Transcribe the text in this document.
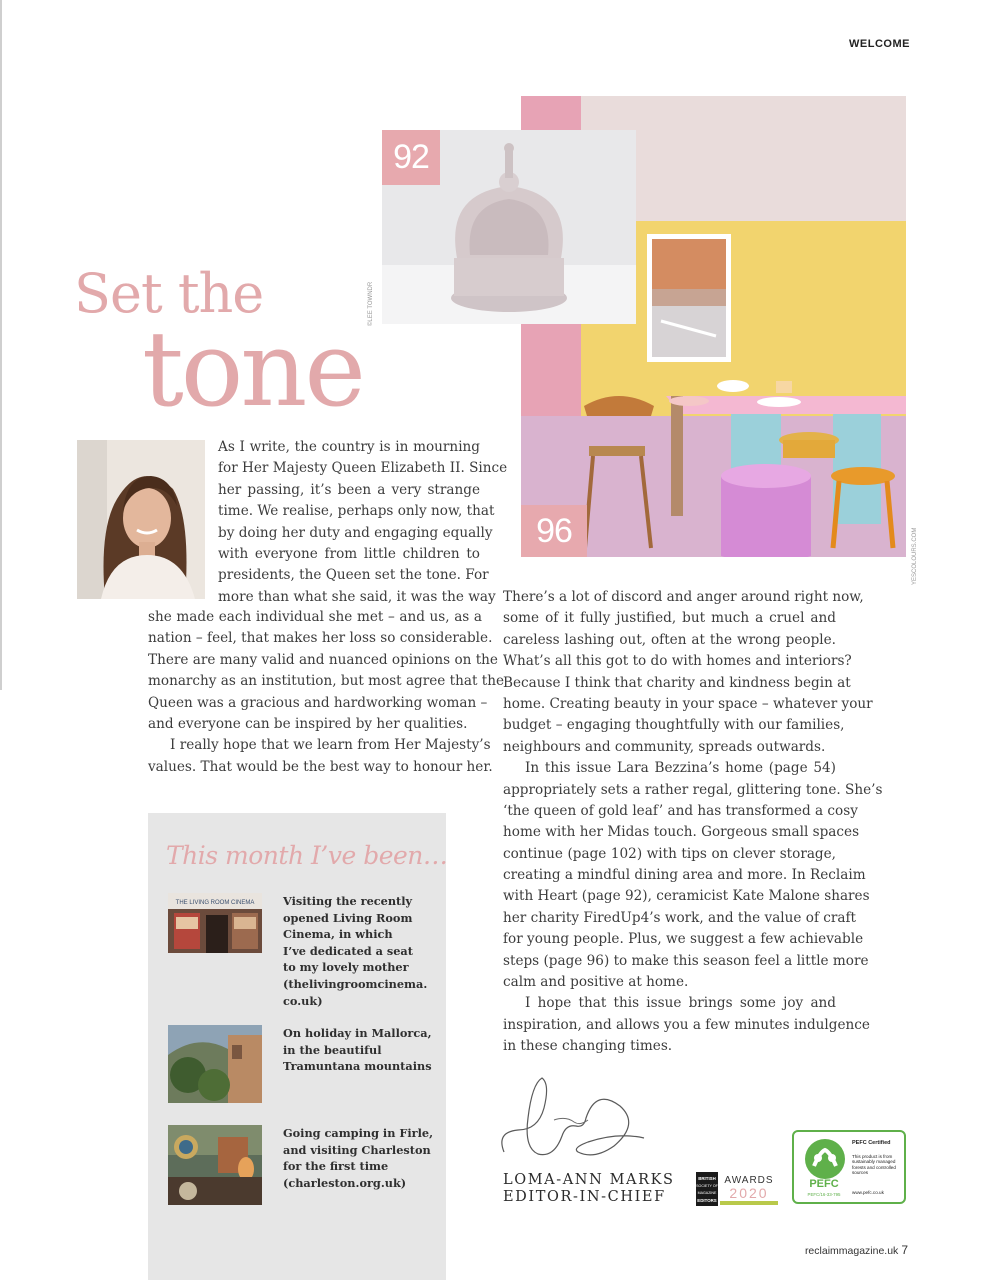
WELCOME
Set the
tone
92
96
©LEE TOWNDR
YESCOLOURS.COM
As I write, the country is in mourning
for Her Majesty Queen Elizabeth II. Since
her passing, it’s been a very strange
time. We realise, perhaps only now, that
by doing her duty and engaging equally
with everyone from little children to
presidents, the Queen set the tone. For
more than what she said, it was the way
she made each individual she met – and us, as a
nation – feel, that makes her loss so considerable.
There are many valid and nuanced opinions on the
monarchy as an institution, but most agree that the
Queen was a gracious and hardworking woman –
and everyone can be inspired by her qualities.
I really hope that we learn from Her Majesty’s
values. That would be the best way to honour her.
There’s a lot of discord and anger around right now,
some of it fully justified, but much a cruel and
careless lashing out, often at the wrong people.
What’s all this got to do with homes and interiors?
Because I think that charity and kindness begin at
home. Creating beauty in your space – whatever your
budget – engaging thoughtfully with our families,
neighbours and community, spreads outwards.
In this issue Lara Bezzina’s home (page 54)
appropriately sets a rather regal, glittering tone. She’s
‘the queen of gold leaf’ and has transformed a cosy
home with her Midas touch. Gorgeous small spaces
continue (page 102) with tips on clever storage,
creating a mindful dining area and more. In Reclaim
with Heart (page 92), ceramicist Kate Malone shares
her charity FiredUp4’s work, and the value of craft
for young people. Plus, we suggest a few achievable
steps (page 96) to make this season feel a little more
calm and positive at home.
I hope that this issue brings some joy and
inspiration, and allows you a few minutes indulgence
in these changing times.
This month I’ve been…
THE LIVING ROOM CINEMA	Visiting the recently
opened Living Room
Cinema, in which
I’ve dedicated a seat
to my lovely mother
(thelivingroomcinema.
co.uk)
On holiday in Mallorca,
in the beautiful
Tramuntana mountains
Going camping in Firle,
and visiting Charleston
for the first time
(charleston.org.uk)	LOMA-ANN MARKS
EDITOR-IN-CHIEF
BRITISH
SOCIETY OF
MAGAZINE
EDITORS
AWARDS
2020
PEFC
PEFC/16-33-795
PEFC Certified
This product is from sustainably managed forests and controlled sources
www.pefc.co.uk
reclaimmagazine.uk 7
